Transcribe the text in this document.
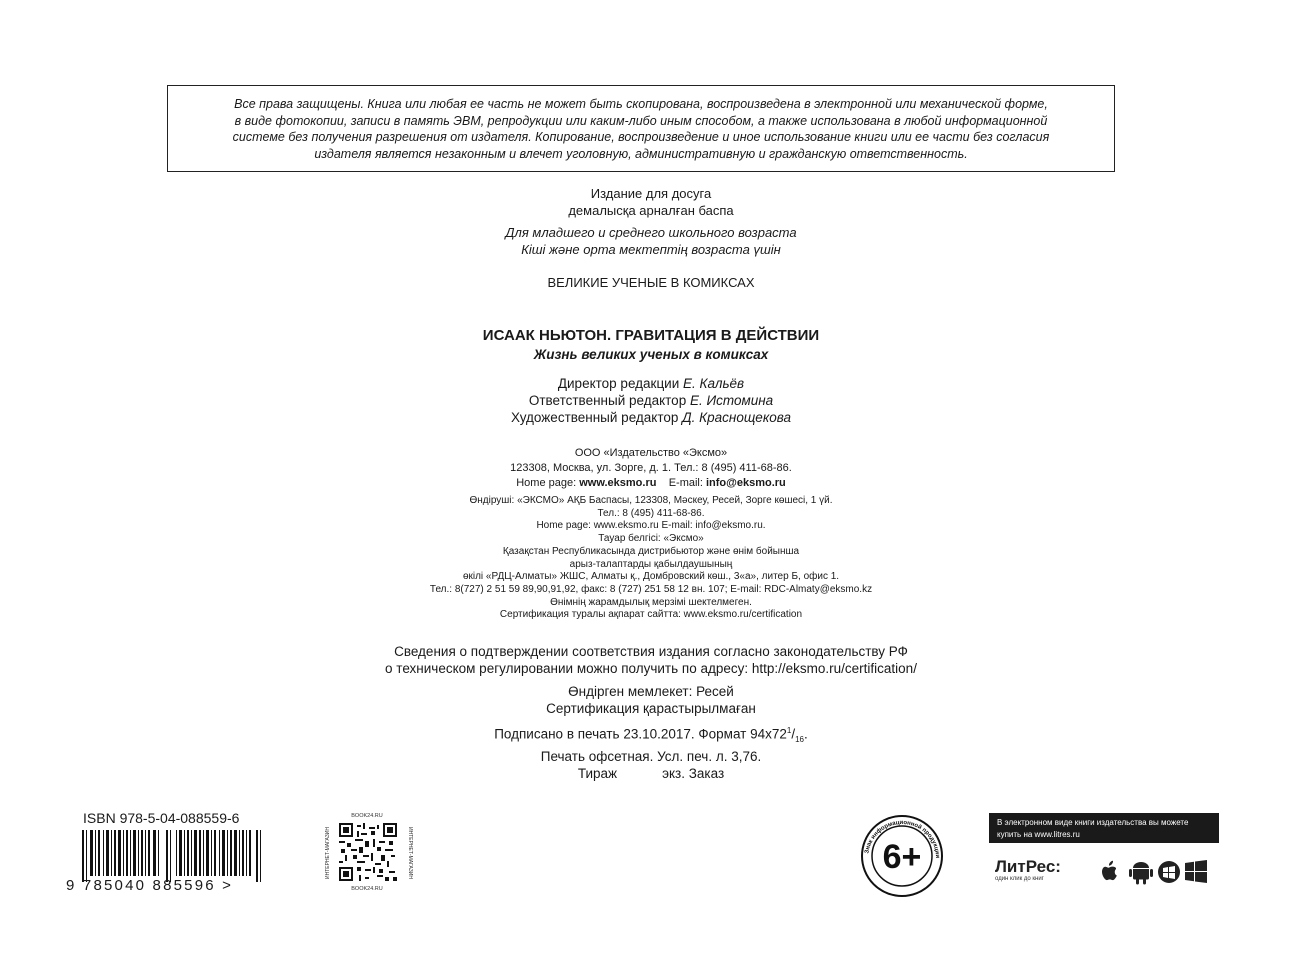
Все права защищены. Книга или любая ее часть не может быть скопирована, воспроизведена в электронной или механической форме,
в виде фотокопии, записи в память ЭВМ, репродукции или каким-либо иным способом, а также использована в любой информационной
системе без получения разрешения от издателя. Копирование, воспроизведение и иное использование книги или ее части без согласия
издателя является незаконным и влечет уголовную, административную и гражданскую ответственность.
Издание для досуга
демалысқа арналған баспа
Для младшего и среднего школьного возраста
Кіші және орта мектептің возраста үшін
ВЕЛИКИЕ УЧЕНЫЕ В КОМИКСАХ
ИСААК НЬЮТОН. ГРАВИТАЦИЯ В ДЕЙСТВИИ
Жизнь великих ученых в комиксах
Директор редакции Е. Кальёв
Ответственный редактор Е. Истомина
Художественный редактор Д. Краснощекова
ООО «Издательство «Эксмо»
123308, Москва, ул. Зорге, д. 1. Тел.: 8 (495) 411-68-86.
Home page: www.eksmo.ru E-mail: info@eksmo.ru
Өндіруші: «ЭКСМО» АҚБ Баспасы, 123308, Мәскеу, Ресей, Зорге көшесі, 1 үй.
Тел.: 8 (495) 411-68-86.
Home page: www.eksmo.ru E-mail: info@eksmo.ru.
Тауар белгісі: «Эксмо»
Қазақстан Республикасында дистрибьютор және өнім бойынша
арыз-талаптарды қабылдаушының
өкілі «РДЦ-Алматы» ЖШС, Алматы қ., Домбровский көш., 3«а», литер Б, офис 1.
Тел.: 8(727) 2 51 59 89,90,91,92, факс: 8 (727) 251 58 12 вн. 107; E-mail: RDC-Almaty@eksmo.kz
Өнімнің жарамдылық мерзімі шектелмеген.
Сертификация туралы ақпарат сайтта: www.eksmo.ru/certification
Сведения о подтверждении соответствия издания согласно законодательству РФ
о техническом регулировании можно получить по адресу: http://eksmo.ru/certification/
Өндірген мемлекет: Ресей
Сертификация қарастырылмаған
Подписано в печать 23.10.2017. Формат $94x72^1/_{16}$.
Печать офсетная. Усл. печ. л. 3,76.
Тираж	экз. Заказ
ISBN 978-5-04-088559-6
9 785040 885596 >
BOOK24.RU
ИНТЕРНЕТ-МАГАЗИН	ИНТЕРНЕТ-МАГАЗИН
BOOK24.RU
Знак информационной продукции
6+
В электронном виде книги издательства вы можете
купить на www.litres.ru
ЛитРес:
один клик до книг
